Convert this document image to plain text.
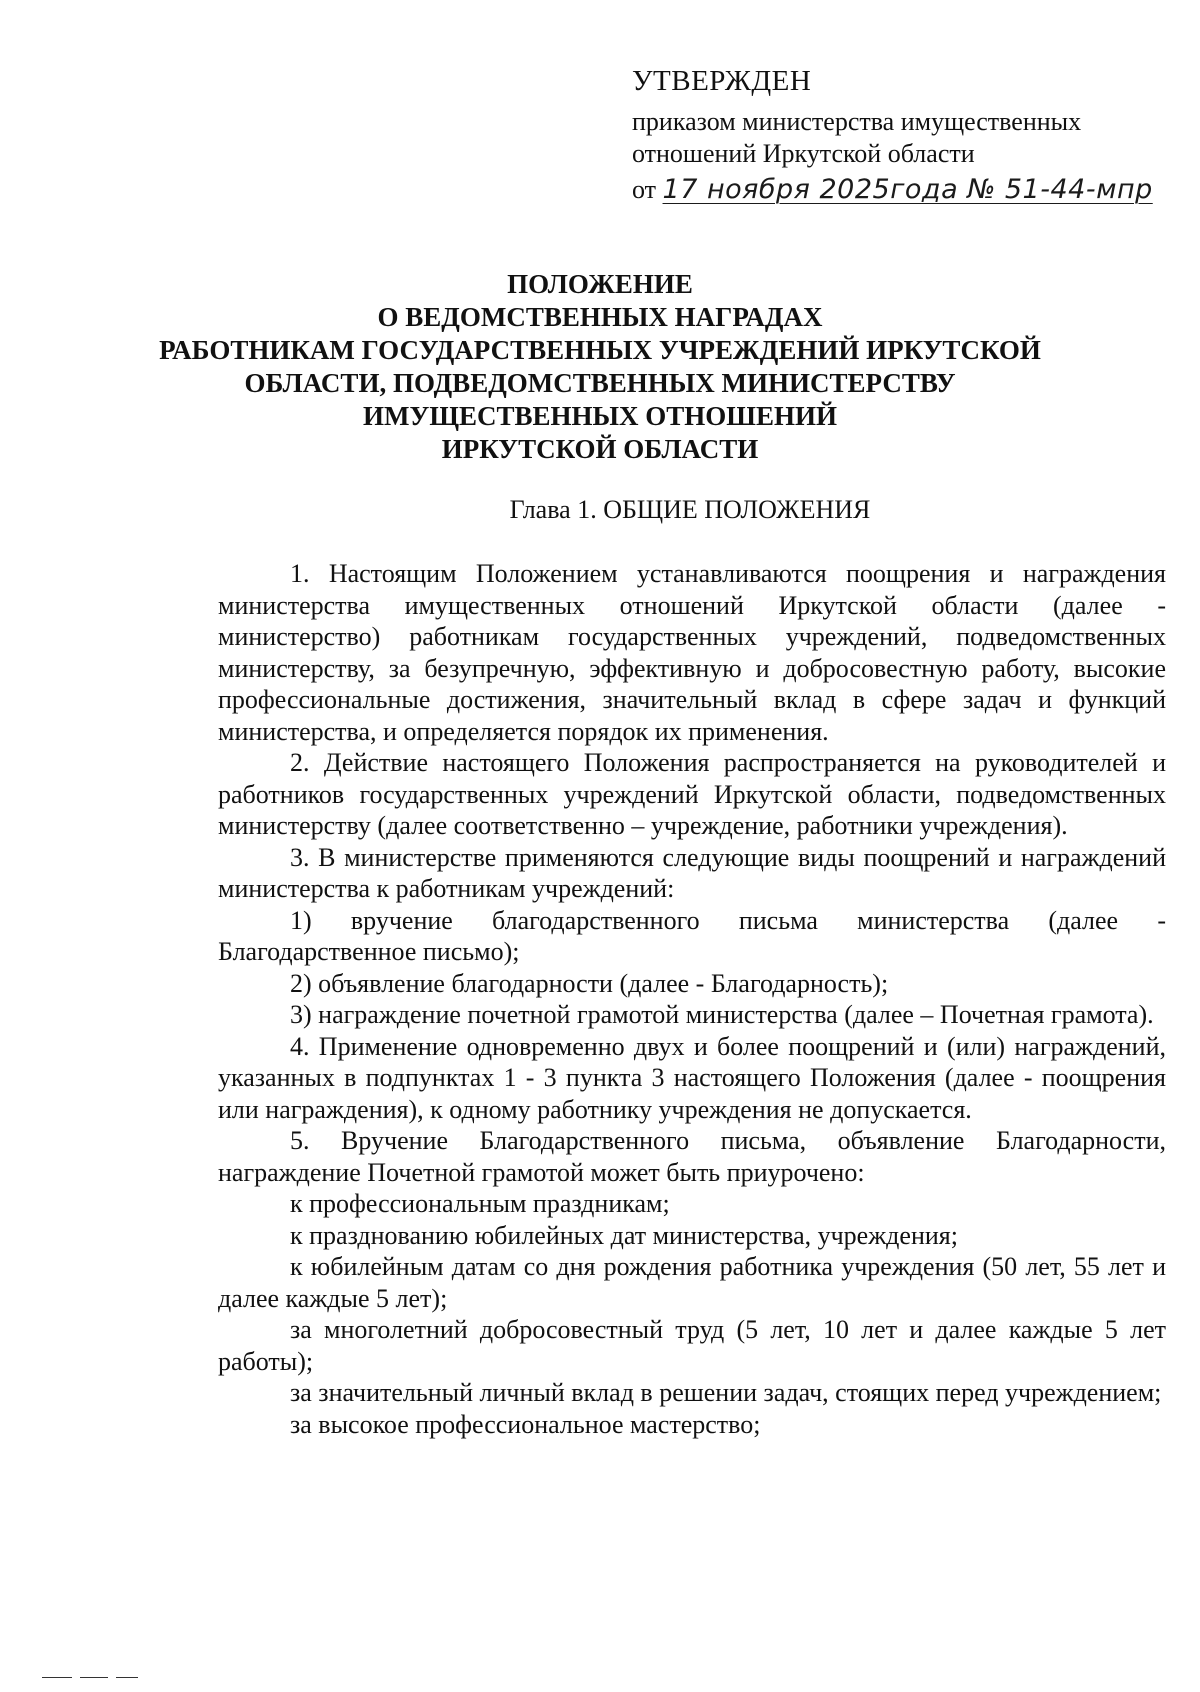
УТВЕРЖДЕН
приказом министерства имущественных
отношений Иркутской области
от 17 ноября 2025года № 51-44-мпр
ПОЛОЖЕНИЕ
О ВЕДОМСТВЕННЫХ НАГРАДАХ
РАБОТНИКАМ ГОСУДАРСТВЕННЫХ УЧРЕЖДЕНИЙ ИРКУТСКОЙ
ОБЛАСТИ, ПОДВЕДОМСТВЕННЫХ МИНИСТЕРСТВУ
ИМУЩЕСТВЕННЫХ ОТНОШЕНИЙ
ИРКУТСКОЙ ОБЛАСТИ
Глава 1. ОБЩИЕ ПОЛОЖЕНИЯ

1. Настоящим Положением устанавливаются поощрения и награждения министерства имущественных отношений Иркутской области (далее - министерство) работникам государственных учреждений, подведомственных министерству, за безупречную, эффективную и добросовестную работу, высокие профессиональные достижения, значительный вклад в сфере задач и функций министерства, и определяется порядок их применения.

2. Действие настоящего Положения распространяется на руководителей и работников государственных учреждений Иркутской области, подведомственных министерству (далее соответственно – учреждение, работники учреждения).

3. В министерстве применяются следующие виды поощрений и награждений министерства к работникам учреждений:

1) вручение благодарственного письма министерства (далее - Благодарственное письмо);

2) объявление благодарности (далее - Благодарность);

3) награждение почетной грамотой министерства (далее – Почетная грамота).

4. Применение одновременно двух и более поощрений и (или) награждений, указанных в подпунктах 1 - 3 пункта 3 настоящего Положения (далее - поощрения или награждения), к одному работнику учреждения не допускается.

5. Вручение Благодарственного письма, объявление Благодарности, награждение Почетной грамотой может быть приурочено:

к профессиональным праздникам;

к празднованию юбилейных дат министерства, учреждения;

к юбилейным датам со дня рождения работника учреждения (50 лет, 55 лет и далее каждые 5 лет);

за многолетний добросовестный труд (5 лет, 10 лет и далее каждые 5 лет работы);

за значительный личный вклад в решении задач, стоящих перед учреждением;

за высокое профессиональное мастерство;
